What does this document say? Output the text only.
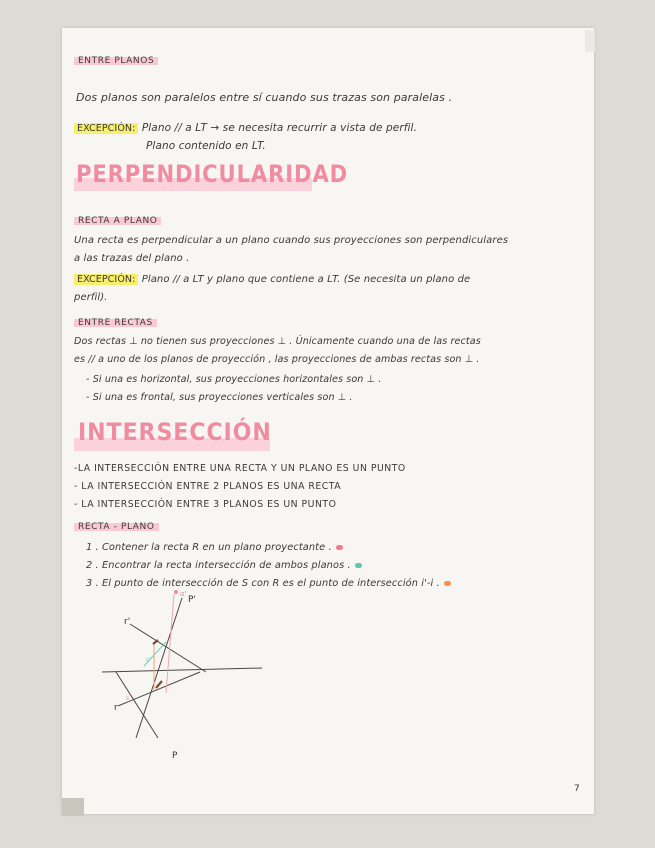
ENTRE PLANOS
Dos planos son paralelos entre sí cuando sus trazas son paralelas .
EXCEPCIÓN: Plano // a LT → se necesita recurrir a vista de perfil.
Plano contenido en LT.
PERPENDICULARIDAD
RECTA A PLANO
Una recta es perpendicular a un plano cuando sus proyecciones son perpendiculares
a las trazas del plano .
EXCEPCIÓN: Plano // a LT y plano que contiene a LT. (Se necesita un plano de
perfil).
ENTRE RECTAS
Dos rectas ⊥ no tienen sus proyecciones ⊥ . Únicamente cuando una de las rectas
es // a uno de los planos de proyección , las proyecciones de ambas rectas son ⊥ .
- Si una es horizontal, sus proyecciones horizontales son ⊥ .
- Si una es frontal, sus proyecciones verticales son ⊥ .
INTERSECCIÓN
-LA INTERSECCIÓN ENTRE UNA RECTA Y UN PLANO ES UN PUNTO
- LA INTERSECCIÓN ENTRE 2 PLANOS ES UNA RECTA
- LA INTERSECCIÓN ENTRE 3 PLANOS ES UN PUNTO
RECTA - PLANO
1 . Contener la recta R en un plano proyectante .
2 . Encontrar la recta intersección de ambos planos .
3 . El punto de intersección de S con R es el punto de intersección i'-i .
P'
P
r'
r
α'
s'
s
7
